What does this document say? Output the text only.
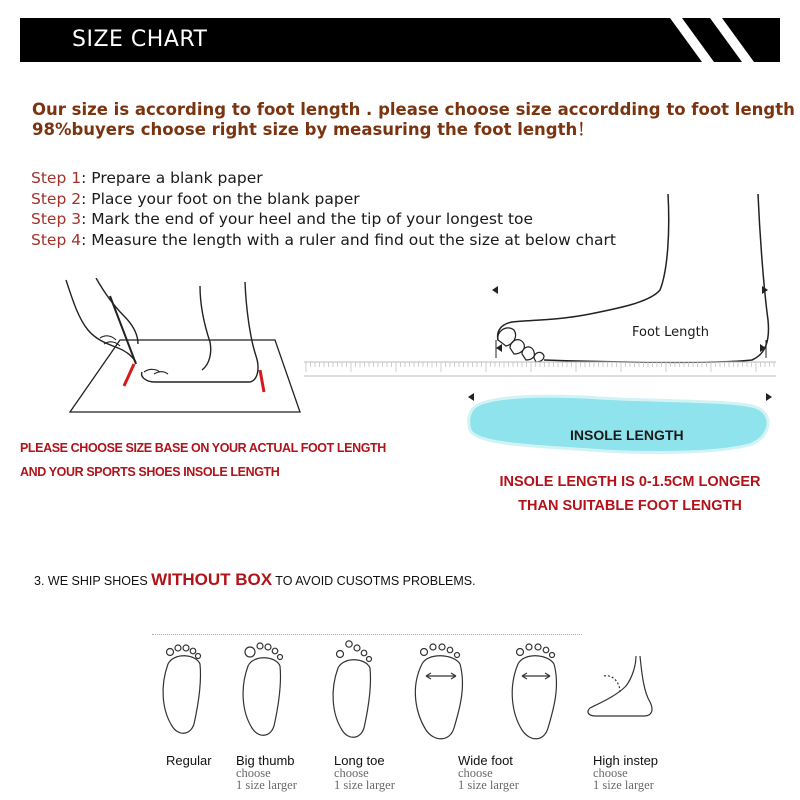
SIZE CHART
Our size is according to foot length . please choose size accordding to foot length
98%buyers choose right size by measuring the foot length！
Step 1: Prepare a blank paper
Step 2: Place your foot on the blank paper
Step 3: Mark the end of your heel and the tip of your longest toe
Step 4: Measure the length with a ruler and find out the size at below chart
PLEASE CHOOSE SIZE BASE ON YOUR ACTUAL FOOT LENGTH
AND YOUR SPORTS SHOES INSOLE LENGTH
Foot Length
INSOLE LENGTH
INSOLE LENGTH IS 0-1.5CM LONGER
THAN SUITABLE FOOT LENGTH
3. WE SHIP SHOES WITHOUT BOX TO AVOID CUSOTMS PROBLEMS.
Regular Big thumb
choose
1 size larger
Long toe
choose
1 size larger
Wide foot
choose
1 size larger
High instep
choose
1 size larger
